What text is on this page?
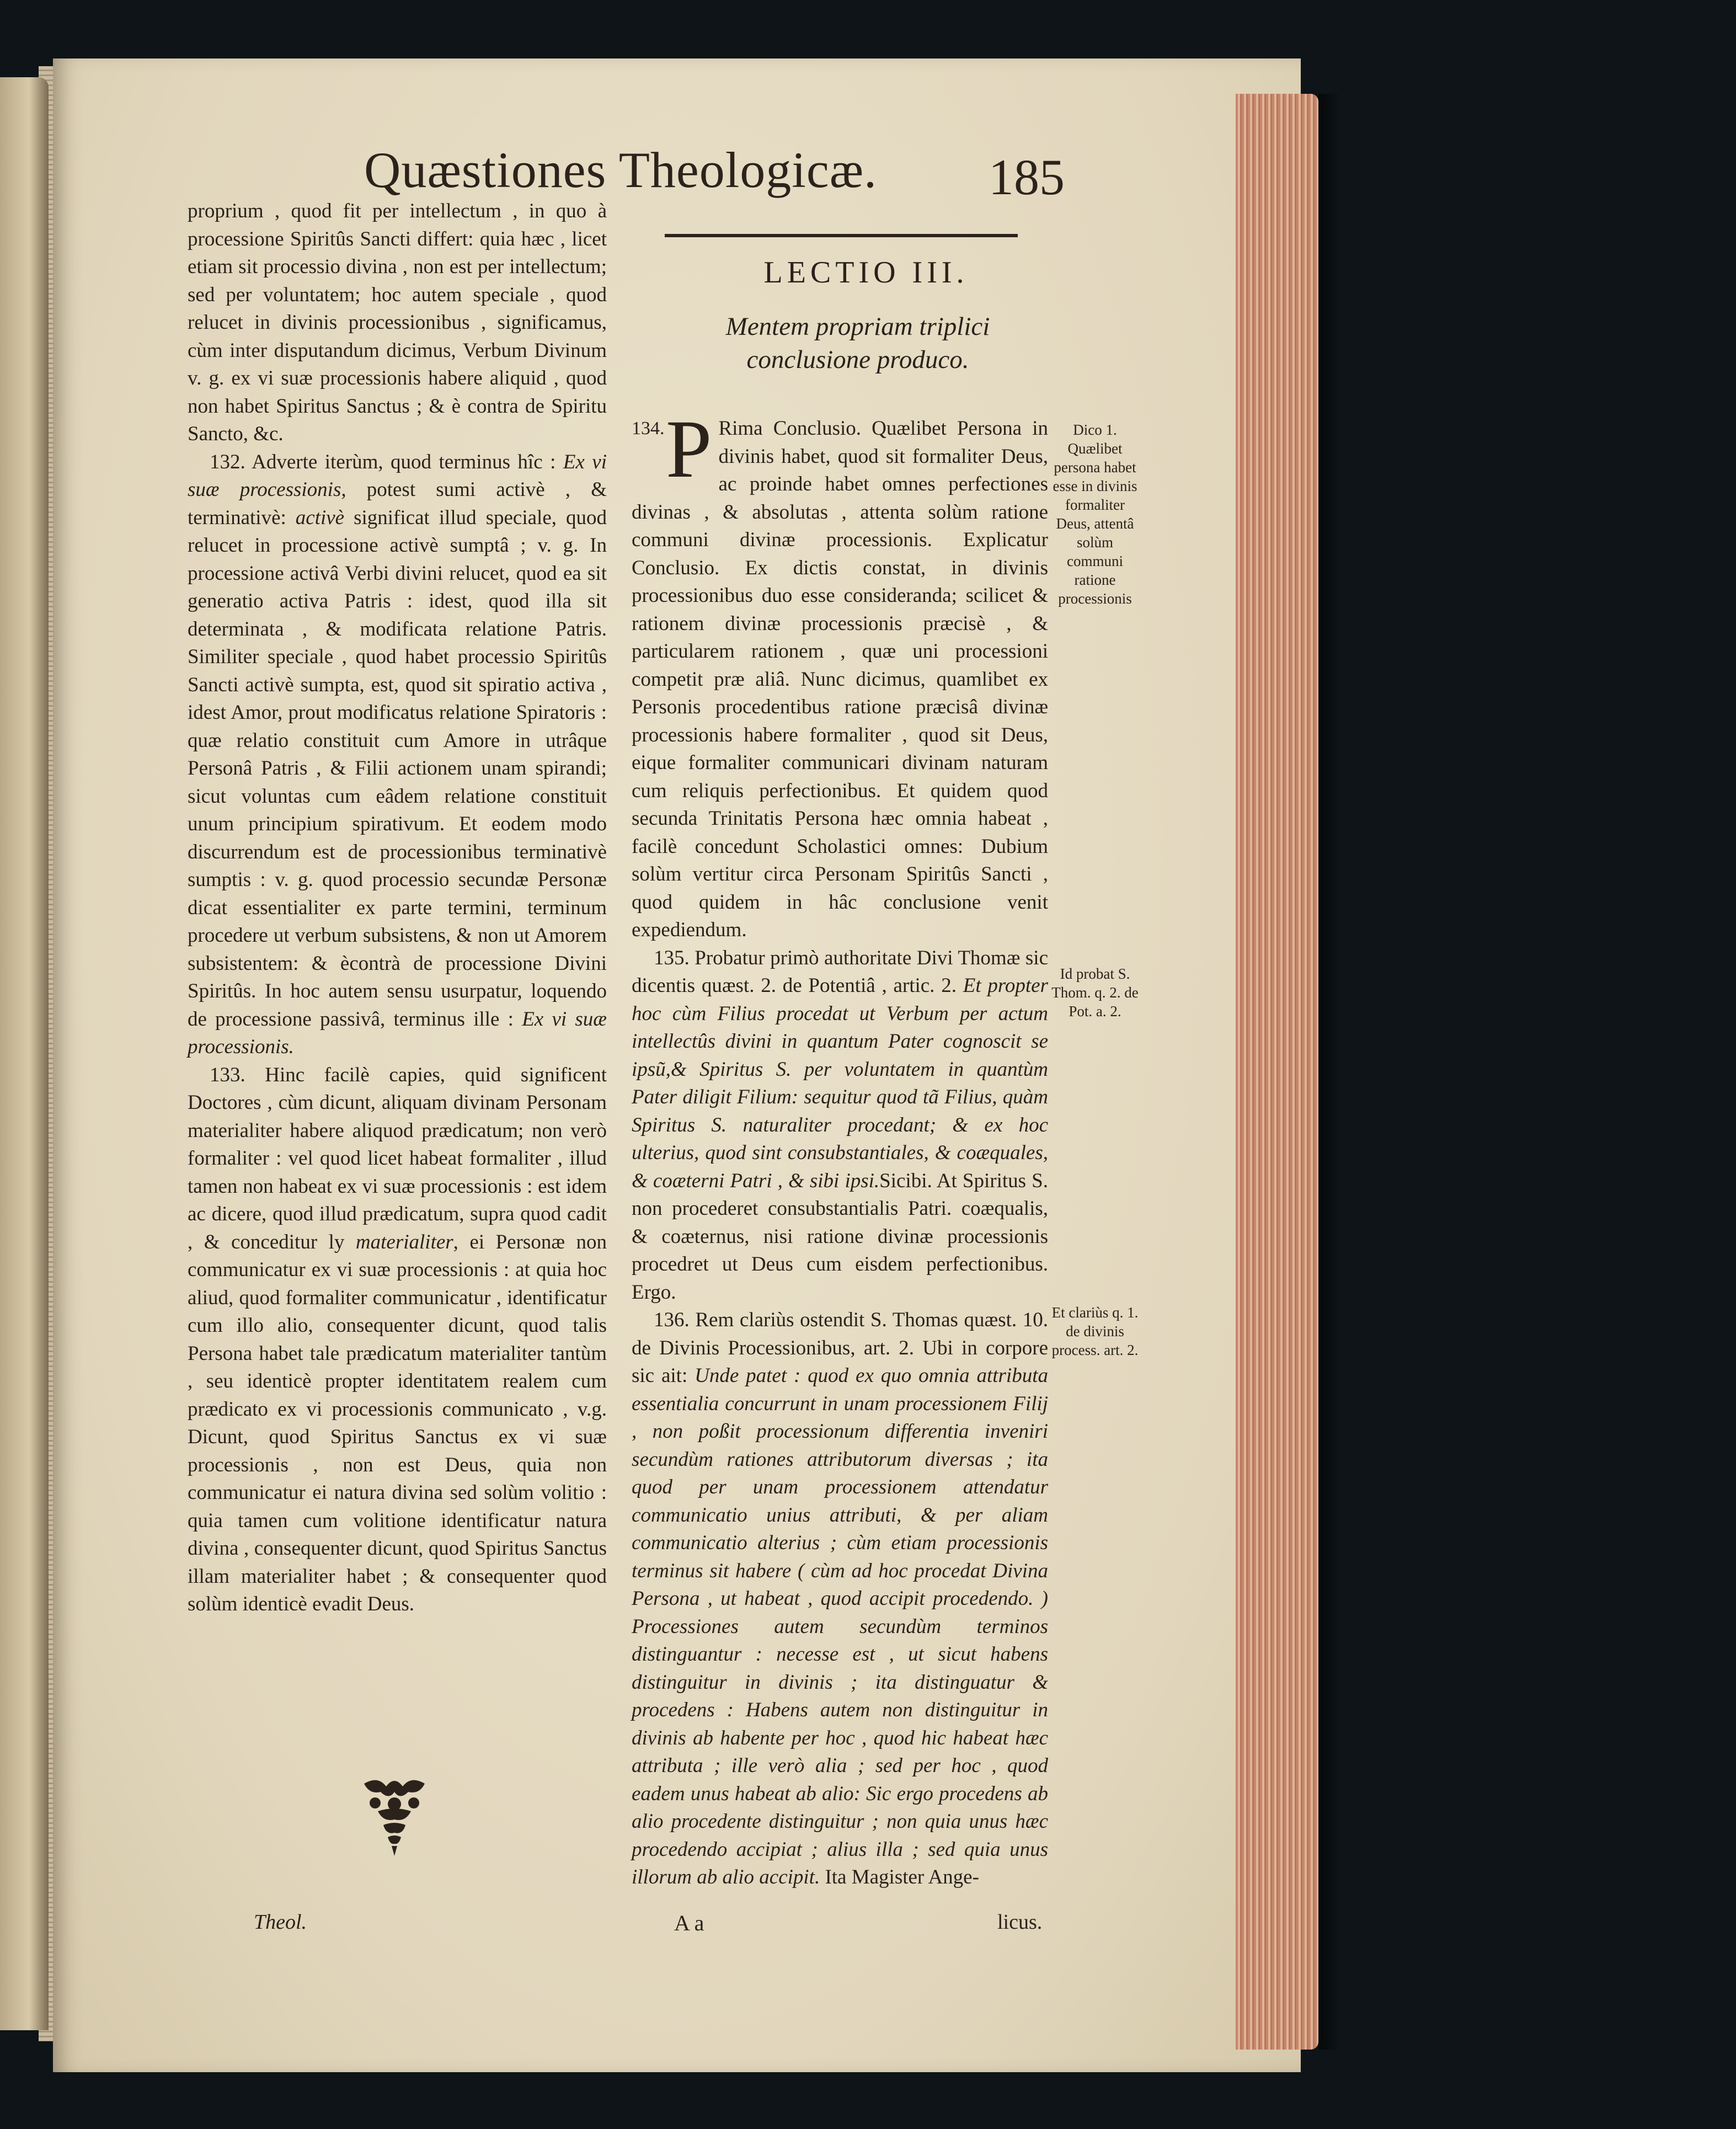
Quæstiones Theologicæ. 185

proprium , quod fit per intellectum , in quo à processione Spiritûs Sancti differt: quia hæc , licet etiam sit processio divina , non est per intellectum; sed per voluntatem; hoc autem speciale , quod relucet in divinis processionibus , significamus, cùm inter disputandum dicimus, Verbum Divinum v. g. ex vi suæ processionis habere aliquid , quod non habet Spiritus Sanctus ; & è contra de Spiritu Sancto, &c.

132. Adverte iterùm, quod terminus hîc : Ex vi suæ processionis, potest sumi activè , & terminativè: activè significat illud speciale, quod relucet in processione activè sumptâ ; v. g. In processione activâ Verbi divini relucet, quod ea sit generatio activa Patris : idest, quod illa sit determinata , & modificata relatione Patris. Similiter speciale , quod habet processio Spiritûs Sancti activè sumpta, est, quod sit spiratio activa , idest Amor, prout modificatus relatione Spiratoris : quæ relatio constituit cum Amore in utrâque Personâ Patris , & Filii actionem unam spirandi; sicut voluntas cum eâdem relatione constituit unum principium spirativum. Et eodem modo discurrendum est de processionibus terminativè sumptis : v. g. quod processio secundæ Personæ dicat essentialiter ex parte termini, terminum procedere ut verbum subsistens, & non ut Amorem subsistentem: & ècontrà de processione Divini Spiritûs. In hoc autem sensu usurpatur, loquendo de processione passivâ, terminus ille : Ex vi suæ processionis.

133. Hinc facilè capies, quid significent Doctores , cùm dicunt, aliquam divinam Personam materialiter habere aliquod prædicatum; non verò formaliter : vel quod licet habeat formaliter , illud tamen non habeat ex vi suæ processionis : est idem ac dicere, quod illud prædicatum, supra quod cadit , & conceditur ly materialiter, ei Personæ non communicatur ex vi suæ processionis : at quia hoc aliud, quod formaliter communicatur , identificatur cum illo alio, consequenter dicunt, quod talis Persona habet tale prædicatum materialiter tantùm , seu identicè propter identitatem realem cum prædicato ex vi processionis communicato , v.g. Dicunt, quod Spiritus Sanctus ex vi suæ processionis , non est Deus, quia non communicatur ei natura divina sed solùm volitio : quia tamen cum volitione identificatur natura divina , consequenter dicunt, quod Spiritus Sanctus illam materialiter habet ; & consequenter quod solùm identicè evadit Deus.

LECTIO III.
Mentem propriam triplici
conclusione produco.

134. P Rima Conclusio. Quælibet Persona in divinis habet, quod sit formaliter Deus, ac proinde habet omnes perfectiones divinas , & absolutas , attenta solùm ratione communi divinæ processionis. Explicatur Conclusio. Ex dictis constat, in divinis processionibus duo esse consideranda; scilicet & rationem divinæ processionis præcisè , & particularem rationem , quæ uni processioni competit præ aliâ. Nunc dicimus, quamlibet ex Personis procedentibus ratione præcisâ divinæ processionis habere formaliter , quod sit Deus, eique formaliter communicari divinam naturam cum reliquis perfectionibus. Et quidem quod secunda Trinitatis Persona hæc omnia habeat , facilè concedunt Scholastici omnes: Dubium solùm vertitur circa Personam Spiritûs Sancti , quod quidem in hâc conclusione venit expediendum.

135. Probatur primò authoritate Divi Thomæ sic dicentis quæst. 2. de Potentiâ , artic. 2. Et propter hoc cùm Filius procedat ut Verbum per actum intellectûs divini in quantum Pater cognoscit se ipsũ,& Spiritus S. per voluntatem in quantùm Pater diligit Filium: sequitur quod tã Filius, quàm Spiritus S. naturaliter procedant; & ex hoc ulterius, quod sint consubstantiales, & coæquales, & coæterni Patri , & sibi ipsi.Sicibi. At Spiritus S. non procederet consubstantialis Patri. coæqualis, & coæternus, nisi ratione divinæ processionis procedret ut Deus cum eisdem perfectionibus. Ergo.

136. Rem clariùs ostendit S. Thomas quæst. 10. de Divinis Processionibus, art. 2. Ubi in corpore sic ait: Unde patet : quod ex quo omnia attributa essentialia concurrunt in unam processionem Filij , non poßit processionum differentia inveniri secundùm rationes attributorum diversas ; ita quod per unam processionem attendatur communicatio unius attributi, & per aliam communicatio alterius ; cùm etiam processionis terminus sit habere ( cùm ad hoc procedat Divina Persona , ut habeat , quod accipit procedendo. ) Processiones autem secundùm terminos distinguantur : necesse est , ut sicut habens distinguitur in divinis ; ita distinguatur & procedens : Habens autem non distinguitur in divinis ab habente per hoc , quod hic habeat hæc attributa ; ille verò alia ; sed per hoc , quod eadem unus habeat ab alio: Sic ergo procedens ab alio procedente distinguitur ; non quia unus hæc procedendo accipiat ; alius illa ; sed quia unus illorum ab alio accipit. Ita Magister Ange-

Dico 1. Quælibet persona habet esse in divinis formaliter Deus, attentâ solùm communi ratione processionis
Id probat S. Thom. q. 2. de Pot. a. 2.
Et clariùs q. 1. de divinis process. art. 2.
Theol.	A a	licus.
